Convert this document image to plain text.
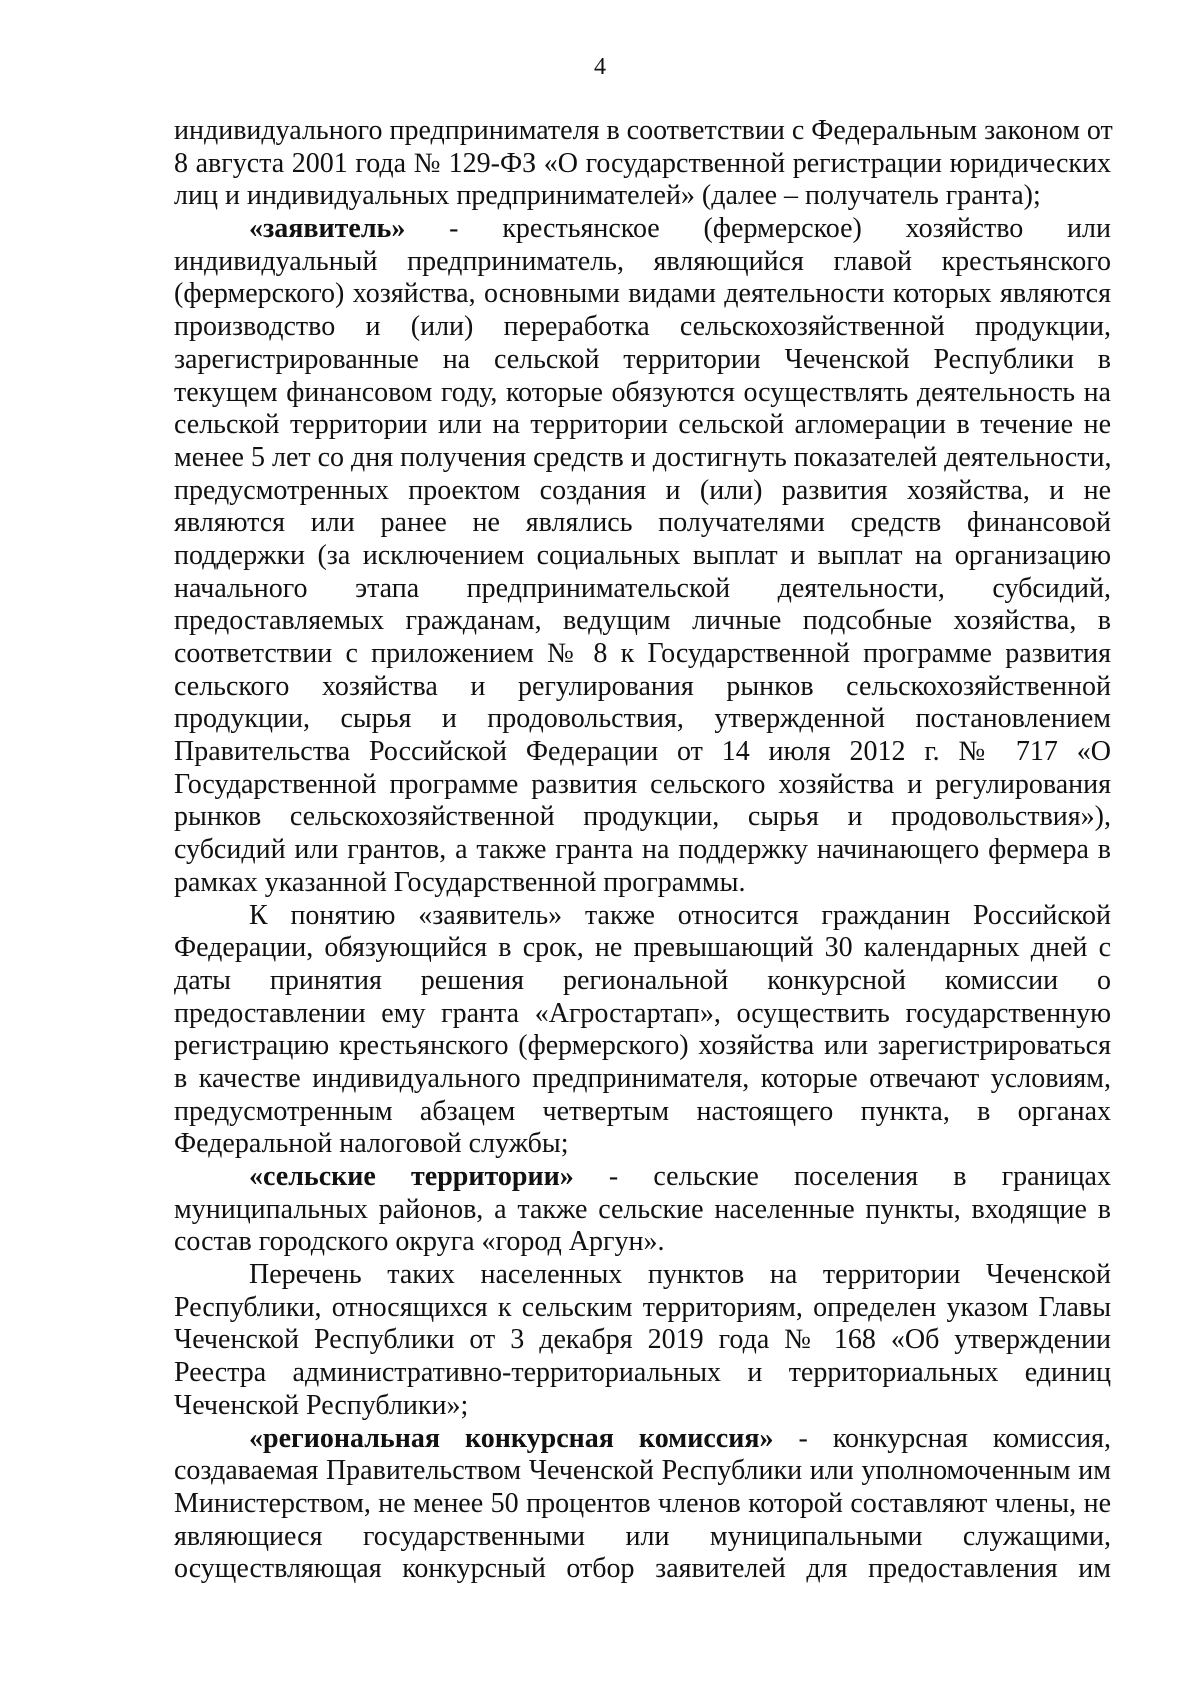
4
индивидуального предпринимателя в соответствии с Федеральным законом от
8 августа 2001 года № 129-ФЗ «О государственной регистрации юридических
лиц и индивидуальных предпринимателей» (далее – получатель гранта);
«заявитель» - крестьянское (фермерское) хозяйство или
индивидуальный предприниматель, являющийся главой крестьянского
(фермерского) хозяйства, основными видами деятельности которых являются
производство и (или) переработка сельскохозяйственной продукции,
зарегистрированные на сельской территории Чеченской Республики в
текущем финансовом году, которые обязуются осуществлять деятельность на
сельской территории или на территории сельской агломерации в течение не
менее 5 лет со дня получения средств и достигнуть показателей деятельности,
предусмотренных проектом создания и (или) развития хозяйства, и не
являются или ранее не являлись получателями средств финансовой
поддержки (за исключением социальных выплат и выплат на организацию
начального этапа предпринимательской деятельности, субсидий,
предоставляемых гражданам, ведущим личные подсобные хозяйства, в
соответствии с приложением № 8 к Государственной программе развития
сельского хозяйства и регулирования рынков сельскохозяйственной
продукции, сырья и продовольствия, утвержденной постановлением
Правительства Российской Федерации от 14 июля 2012 г. № 717 «О
Государственной программе развития сельского хозяйства и регулирования
рынков сельскохозяйственной продукции, сырья и продовольствия»),
субсидий или грантов, а также гранта на поддержку начинающего фермера в
рамках указанной Государственной программы.
К понятию «заявитель» также относится гражданин Российской
Федерации, обязующийся в срок, не превышающий 30 календарных дней с
даты принятия решения региональной конкурсной комиссии о
предоставлении ему гранта «Агростартап», осуществить государственную
регистрацию крестьянского (фермерского) хозяйства или зарегистрироваться
в качестве индивидуального предпринимателя, которые отвечают условиям,
предусмотренным абзацем четвертым настоящего пункта, в органах
Федеральной налоговой службы;
«сельские территории» - сельские поселения в границах
муниципальных районов, а также сельские населенные пункты, входящие в
состав городского округа «город Аргун».
Перечень таких населенных пунктов на территории Чеченской
Республики, относящихся к сельским территориям, определен указом Главы
Чеченской Республики от 3 декабря 2019 года № 168 «Об утверждении
Реестра административно-территориальных и территориальных единиц
Чеченской Республики»;
«региональная конкурсная комиссия» - конкурсная комиссия,
создаваемая Правительством Чеченской Республики или уполномоченным им
Министерством, не менее 50 процентов членов которой составляют члены, не
являющиеся государственными или муниципальными служащими,
осуществляющая конкурсный отбор заявителей для предоставления им
